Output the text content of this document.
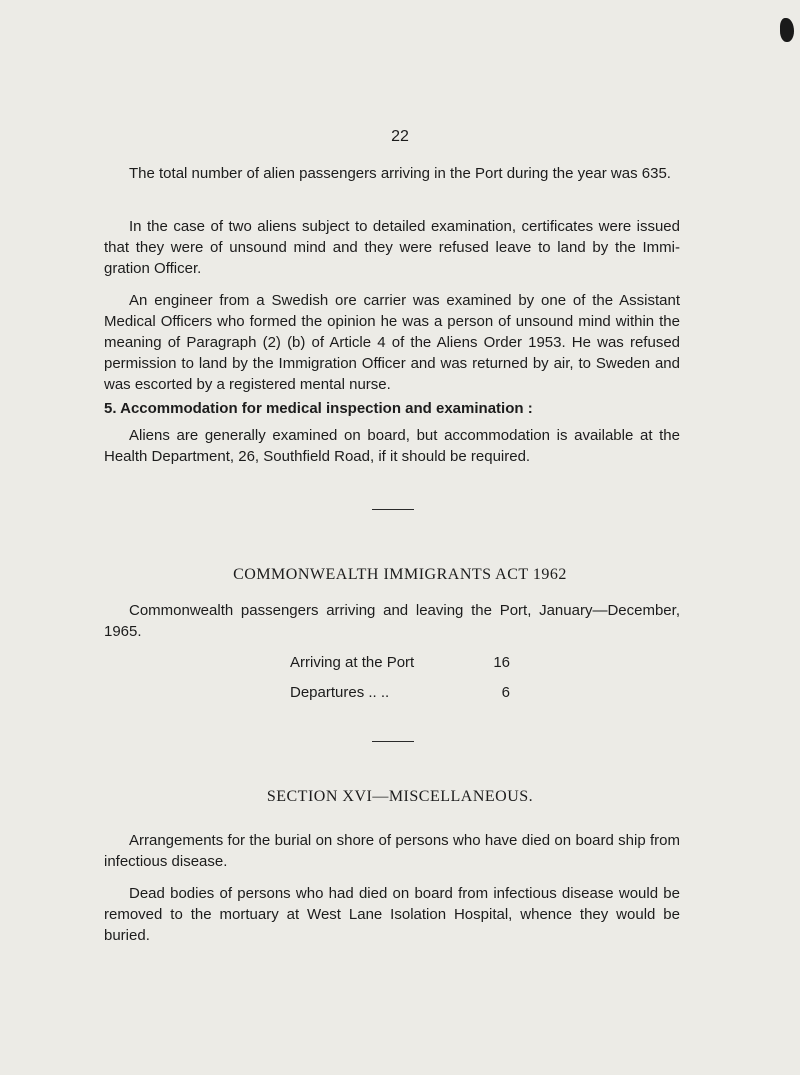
22

The total number of alien passengers arriving in the Port during the year was 635.

In the case of two aliens subject to detailed examination, certificates were issued that they were of unsound mind and they were refused leave to land by the Immi- gration Officer.

An engineer from a Swedish ore carrier was examined by one of the Assistant Medical Officers who formed the opinion he was a person of unsound mind within the meaning of Paragraph (2) (b) of Article 4 of the Aliens Order 1953. He was refused permission to land by the Immigration Officer and was returned by air, to Sweden and was escorted by a registered mental nurse.

5. Accommodation for medical inspection and examination :

Aliens are generally examined on board, but accommodation is available at the Health Department, 26, Southfield Road, if it should be required.

COMMONWEALTH IMMIGRANTS ACT 1962

Commonwealth passengers arriving and leaving the Port, January—December, 1965.

Arriving at the Port	16
Departures .. ..	6

SECTION XVI—MISCELLANEOUS.

Arrangements for the burial on shore of persons who have died on board ship from infectious disease.

Dead bodies of persons who had died on board from infectious disease would be removed to the mortuary at West Lane Isolation Hospital, whence they would be buried.
